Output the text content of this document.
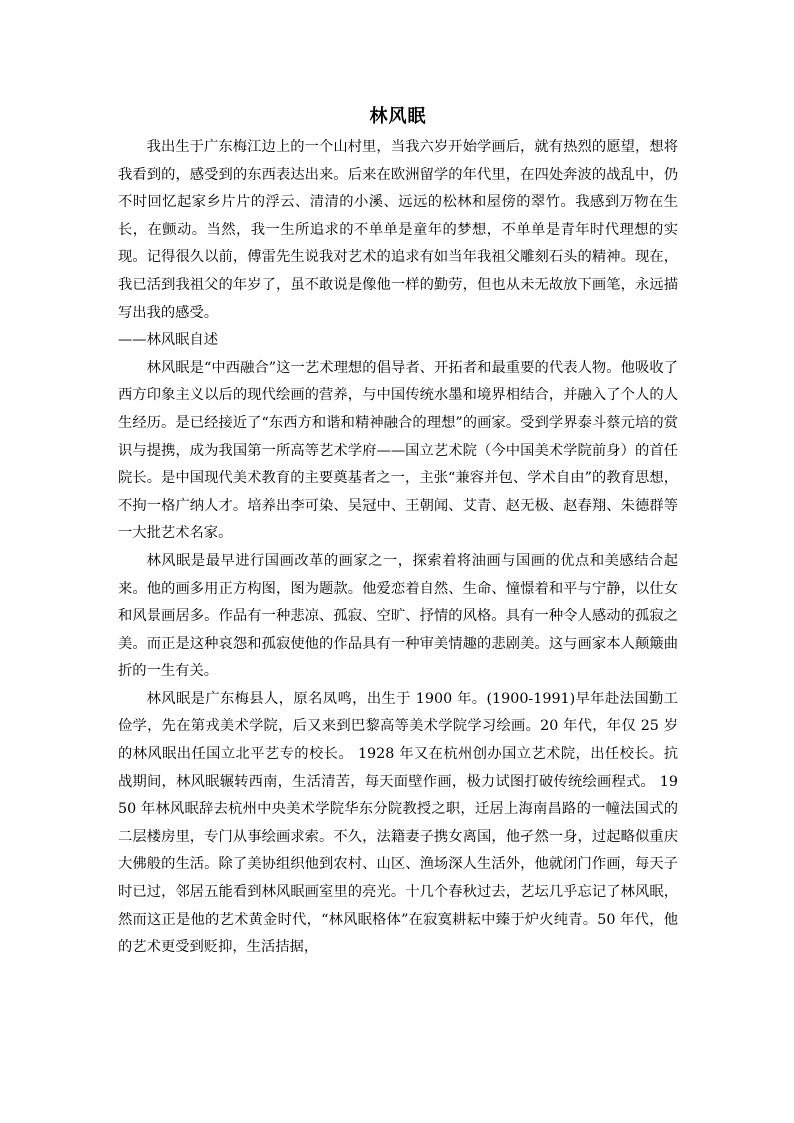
林风眠

我出生于广东梅江边上的一个山村里，当我六岁开始学画后，就有热烈的愿望，想将我看到的，感受到的东西表达出来。后来在欧洲留学的年代里，在四处奔波的战乱中，仍不时回忆起家乡片片的浮云、清清的小溪、远远的松林和屋傍的翠竹。我感到万物在生长，在颤动。当然，我一生所追求的不单单是童年的梦想，不单单是青年时代理想的实现。记得很久以前，傅雷先生说我对艺术的追求有如当年我祖父雕刻石头的精神。现在，我已活到我祖父的年岁了，虽不敢说是像他一样的勤劳，但也从未无故放下画笔，永远描写出我的感受。

——林风眠自述

林风眠是“中西融合”这一艺术理想的倡导者、开拓者和最重要的代表人物。他吸收了西方印象主义以后的现代绘画的营养，与中国传统水墨和境界相结合，并融入了个人的人生经历。是已经接近了“东西方和谐和精神融合的理想”的画家。受到学界泰斗蔡元培的赏识与提携，成为我国第一所高等艺术学府——国立艺术院（今中国美术学院前身）的首任院长。是中国现代美术教育的主要奠基者之一，主张“兼容并包、学术自由”的教育思想，不拘一格广纳人才。培养出李可染、吴冠中、王朝闻、艾青、赵无极、赵春翔、朱德群等一大批艺术名家。

林风眠是最早进行国画改革的画家之一，探索着将油画与国画的优点和美感结合起来。他的画多用正方构图，图为题款。他爱恋着自然、生命、憧憬着和平与宁静，以仕女和风景画居多。作品有一种悲凉、孤寂、空旷、抒情的风格。具有一种令人感动的孤寂之美。而正是这种哀怨和孤寂使他的作品具有一种审美情趣的悲剧美。这与画家本人颠簸曲折的一生有关。

林风眠是广东梅县人，原名凤鸣，出生于 1900 年。(1900-1991)早年赴法国勤工俭学，先在第戎美术学院，后又来到巴黎高等美术学院学习绘画。20 年代，年仅 25 岁的林风眠出任国立北平艺专的校长。 1928 年又在杭州创办国立艺术院，出任校长。抗战期间，林风眠辗转西南，生活清苦，每天面壁作画，极力试图打破传统绘画程式。 1950 年林风眠辞去杭州中央美术学院华东分院教授之职，迁居上海南昌路的一幢法国式的二层楼房里，专门从事绘画求索。不久，法籍妻子携女离国，他孑然一身，过起略似重庆大佛般的生活。除了美协组织他到农村、山区、渔场深人生活外，他就闭门作画，每天子时已过，邻居五能看到林风眠画室里的亮光。十几个春秋过去，艺坛几乎忘记了林风眠，然而这正是他的艺术黄金时代，“林风眠格体”在寂寞耕耘中臻于炉火纯青。50 年代，他的艺术更受到贬抑，生活拮据，
